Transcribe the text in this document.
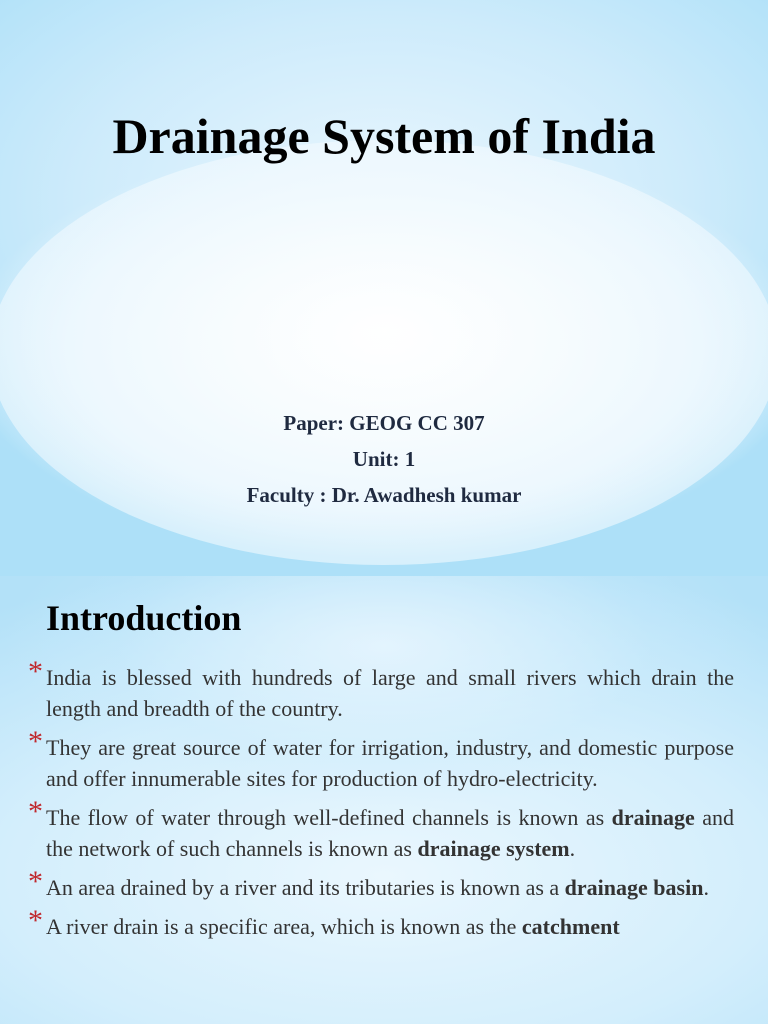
Drainage System of India
Paper: GEOG CC 307
Unit: 1
Faculty : Dr. Awadhesh kumar
Introduction
* India is blessed with hundreds of large and small rivers which drain the length and breadth of the country.
* They are great source of water for irrigation, industry, and domestic purpose and offer innumerable sites for production of hydro-electricity.
* The flow of water through well-defined channels is known as drainage and the network of such channels is known as drainage system.
* An area drained by a river and its tributaries is known as a drainage basin.
* A river drain is a specific area, which is known as the catchment
